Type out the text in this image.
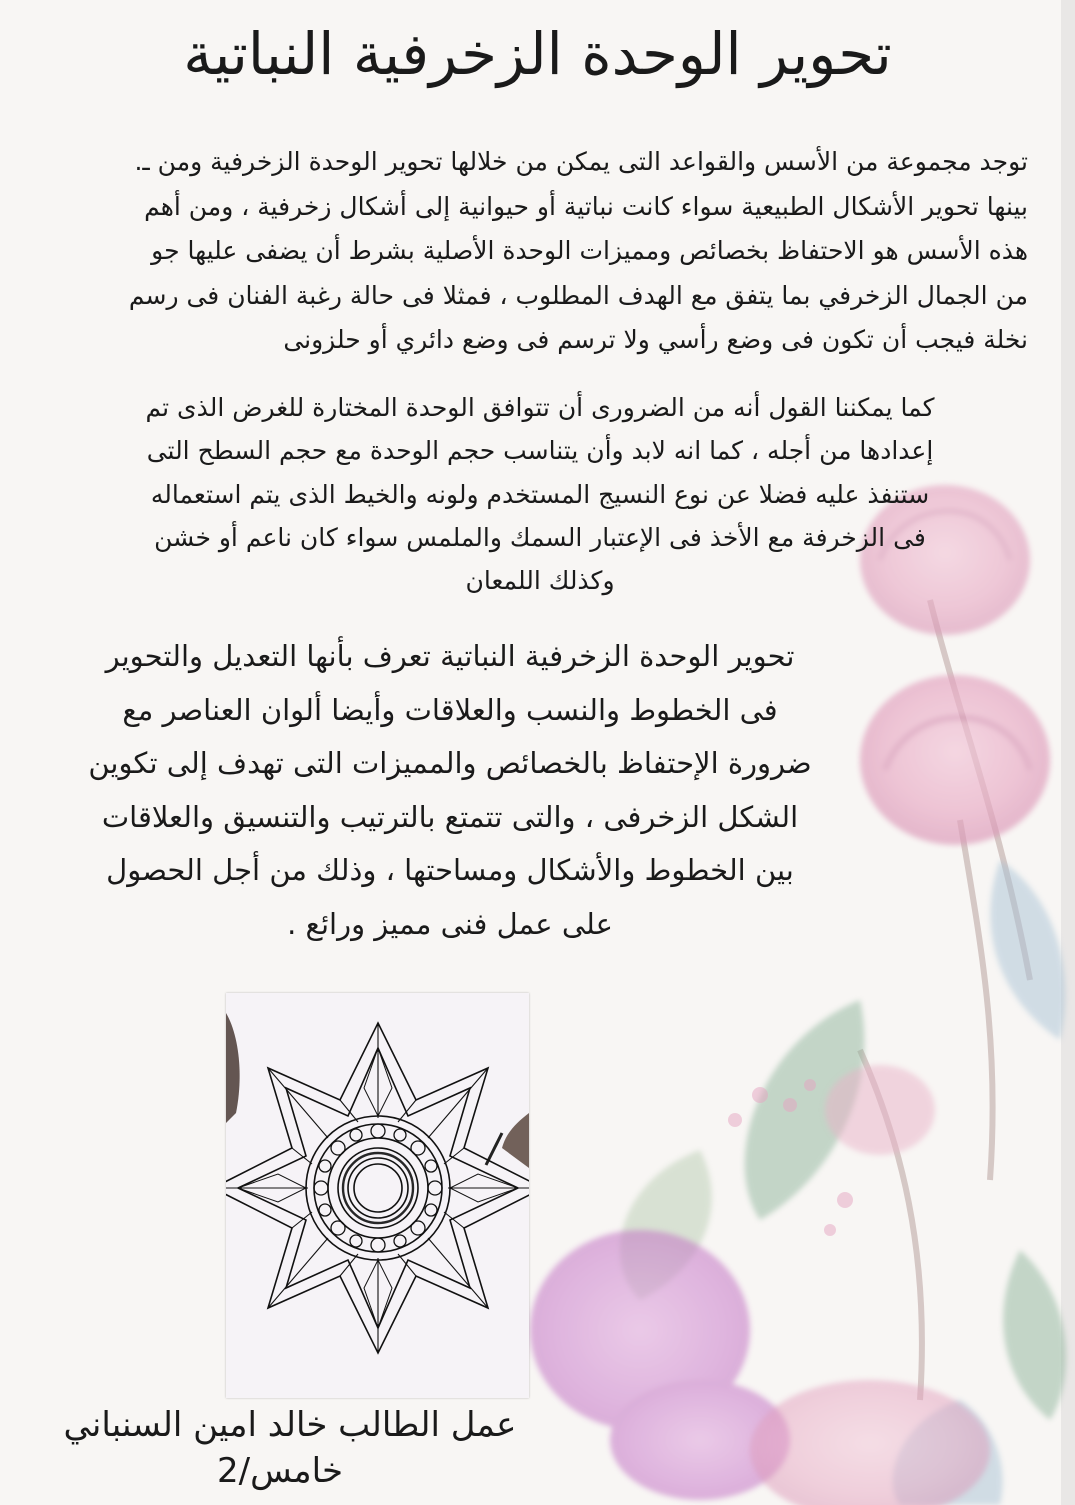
تحوير الوحدة الزخرفية النباتية

توجد مجموعة من الأسس والقواعد التى يمكن من خلالها تحوير الوحدة الزخرفية ومن ـ.
بينها تحوير الأشكال الطبيعية سواء كانت نباتية أو حيوانية إلى أشكال زخرفية ، ومن أهم
هذه الأسس هو الاحتفاظ بخصائص ومميزات الوحدة الأصلية بشرط أن يضفى عليها جو
من الجمال الزخرفي بما يتفق مع الهدف المطلوب ، فمثلا فى حالة رغبة الفنان فى رسم
نخلة فيجب أن تكون فى وضع رأسي ولا ترسم فى وضع دائري أو حلزونى

كما يمكننا القول أنه من الضرورى أن تتوافق الوحدة المختارة للغرض الذى تم
إعدادها من أجله ، كما انه لابد وأن يتناسب حجم الوحدة مع حجم السطح التى
ستنفذ عليه فضلا عن نوع النسيج المستخدم ولونه والخيط الذى يتم استعماله
فى الزخرفة مع الأخذ فى الإعتبار السمك والملمس سواء كان ناعم أو خشن
وكذلك اللمعان

تحوير الوحدة الزخرفية النباتية تعرف بأنها التعديل والتحوير
فى الخطوط والنسب والعلاقات وأيضا ألوان العناصر مع
ضرورة الإحتفاظ بالخصائص والمميزات التى تهدف إلى تكوين
الشكل الزخرفى ، والتى تتمتع بالترتيب والتنسيق والعلاقات
بين الخطوط والأشكال ومساحتها ، وذلك من أجل الحصول
على عمل فنى مميز ورائع .

عمل الطالب خالد امين السنباني

خامس/2
